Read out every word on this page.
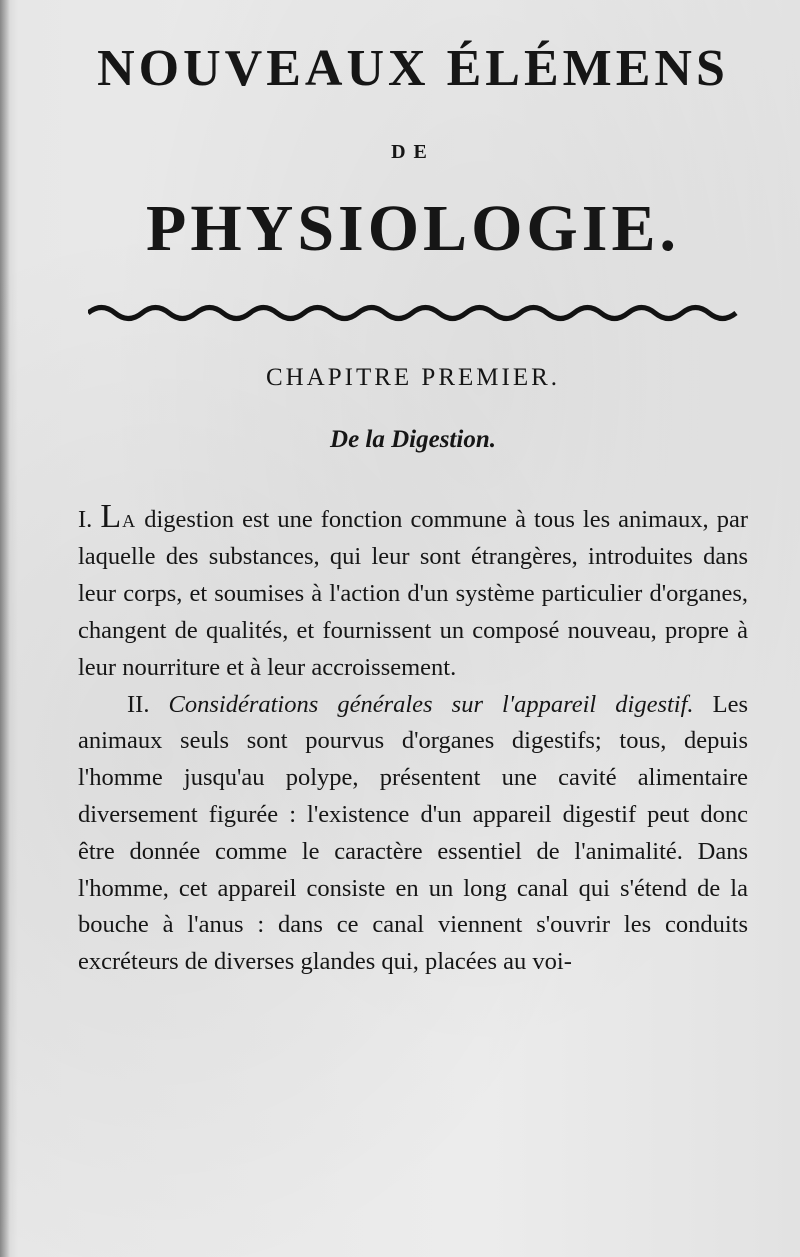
NOUVEAUX ÉLÉMENS
DE
PHYSIOLOGIE.
CHAPITRE PREMIER.
De la Digestion.

I. LA digestion est une fonction commune à tous les animaux, par laquelle des substances, qui leur sont étrangères, introduites dans leur corps, et soumises à l'action d'un système particulier d'organes, changent de qualités, et fournissent un composé nouveau, propre à leur nourriture et à leur accroissement.

II. Considérations générales sur l'appareil digestif. Les animaux seuls sont pourvus d'organes digestifs; tous, depuis l'homme jusqu'au polype, présentent une cavité alimentaire diversement figurée : l'existence d'un appareil digestif peut donc être donnée comme le caractère essentiel de l'animalité. Dans l'homme, cet appareil consiste en un long canal qui s'étend de la bouche à l'anus : dans ce canal viennent s'ouvrir les conduits excréteurs de diverses glandes qui, placées au voi-
